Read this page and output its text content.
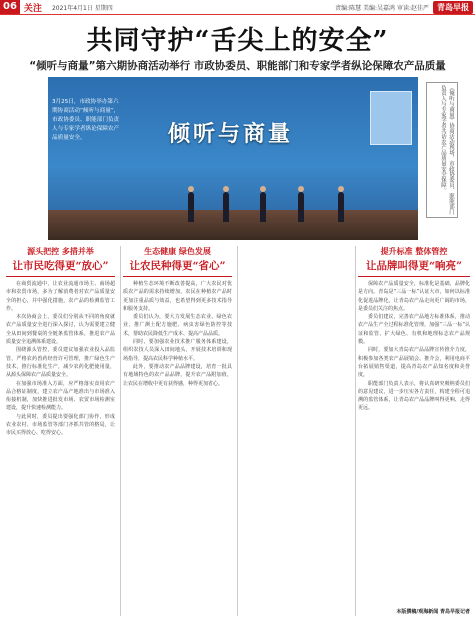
06 关注 2021年4月1日 星期四	责编:陈慧 美编:吴嘉鸿 审读:赵佳严	青岛早报
共同守护“舌尖上的安全”
“倾听与商量”第六期协商活动举行 市政协委员、职能部门和专家学者纵论保障农产品质量
倾听与商量
3月25日，市政协举办第六期协商活动“倾听与商量”，市政协委员、职能部门负责人与专家学者纵论保障农产品质量安全。	《倾听与商量》协商活动现场，市政协委员、职能部门负责人与专家学者共话农产品质量安全保障。
源头把控 多措并举
让市民吃得更“放心”

在商贸流通中，让农业流通市场主、商场超市和农贸市场，多为了解消费者对农产品质量安全的担心，并中强化措施，农产品的检测监管工作。

本次协商会上，委员们分别从不同的角度就农产品质量安全进行深入探讨，认为需要建立健全从田间到餐桌的全链条监管体系，推进农产品质量安全追溯体系建设。

围绕源头管控，委员建议加强农业投入品监管，严格农药兽药经营许可管理，推广绿色生产技术，推行标准化生产，减少农药化肥使用量，从源头保障农产品质量安全。

在加强市场准入方面，应严格落实食用农产品合格证制度，建立农产品产地准出与市场准入衔接机制，加快推进批发市场、农贸市场检测室建设，提升快速检测能力。

与此同时，委员提出要强化部门协作，形成农业农村、市场监管等部门齐抓共管的格局，让市民买得放心、吃得安心。

生态健康 绿色发展
让农民种得更“省心”

种植生态环境不断改善提高，广大农民对优质农产品的需求持续增加，农民在种植农产品时更加注重品质与效益，也希望得到更多技术指导和服务支持。

委员们认为，要大力发展生态农业、绿色农业，推广测土配方施肥、病虫害绿色防控等技术，帮助农民降低生产成本、提高产品品质。

同时，要加强农业技术推广服务体系建设，组织农技人员深入田间地头，开展技术培训和现场指导，提高农民科学种植水平。

此外，要推动农产品品牌建设，培育一批具有地域特色的农产品品牌，提升农产品附加值，让农民在增收中更有获得感，种得更加省心。

提升标准 整体管控
让品牌叫得更“响亮”

保障农产品质量安全，标准化是基础，品牌化是方向。青岛是“三品一标”认证大市，如何以标准化促进品牌化，让青岛农产品走向更广阔的市场，是委员们关注的焦点。

委员们建议，完善农产品地方标准体系，推动农产品生产全过程标准化管理，加强“三品一标”认证和监管，扩大绿色、有机和地理标志农产品规模。

同时，要加大青岛农产品品牌宣传推介力度，积极参加各类农产品展销会、推介会，利用电商平台拓展销售渠道，提高青岛农产品知名度和美誉度。

职能部门负责人表示，将认真研究吸纳委员们的意见建议，进一步压实各方责任，构建全程可追溯的监管体系，让青岛农产品品牌叫得更响、走得更远。

本版撰稿/观海新闻 青岛早报记者
